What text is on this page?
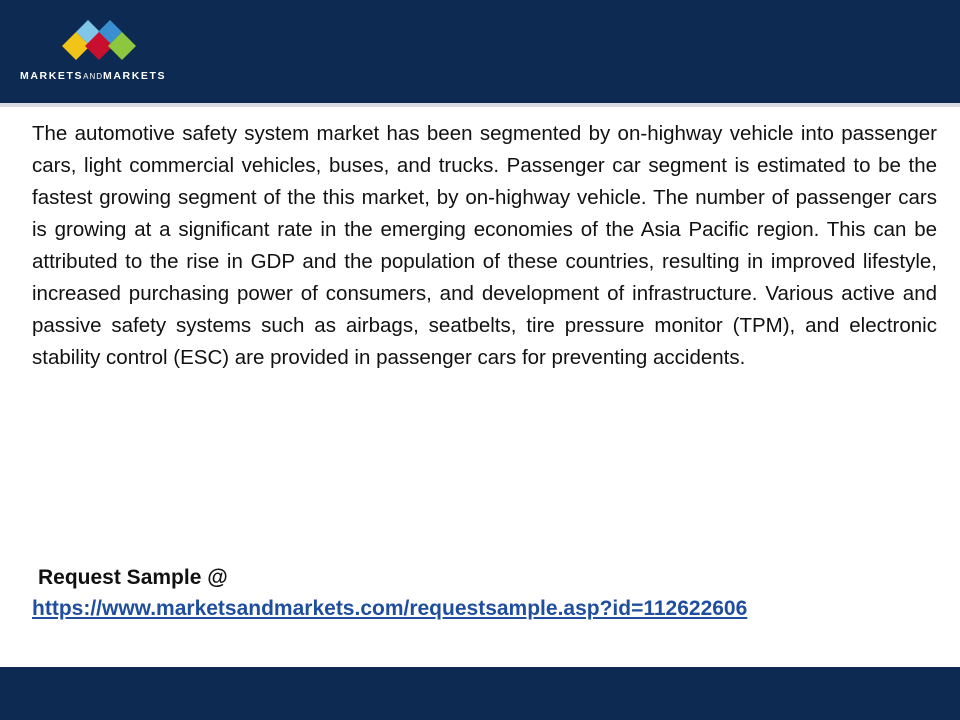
MARKETSANDMARKETS

The automotive safety system market has been segmented by on-highway vehicle into passenger cars, light commercial vehicles, buses, and trucks. Passenger car segment is estimated to be the fastest growing segment of the this market, by on-highway vehicle. The number of passenger cars is growing at a significant rate in the emerging economies of the Asia Pacific region. This can be attributed to the rise in GDP and the population of these countries, resulting in improved lifestyle, increased purchasing power of consumers, and development of infrastructure. Various active and passive safety systems such as airbags, seatbelts, tire pressure monitor (TPM), and electronic stability control (ESC) are provided in passenger cars for preventing accidents.

Request Sample @
https://www.marketsandmarkets.com/requestsample.asp?id=112622606
